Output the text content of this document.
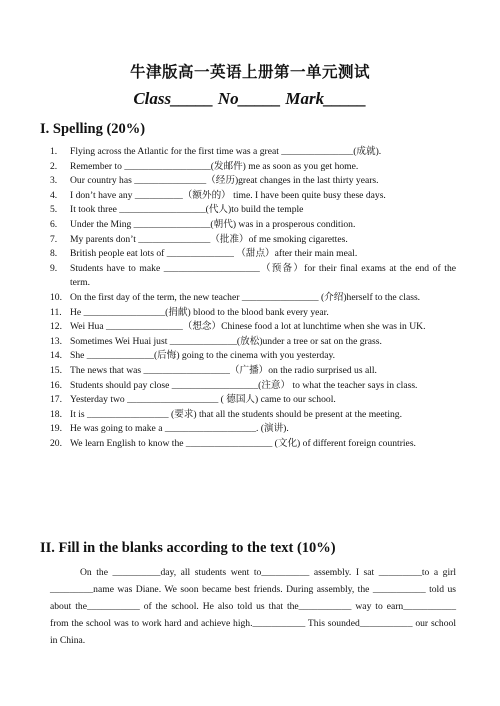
牛津版高一英语上册第一单元测试
Class_____ No_____ Mark_____
I. Spelling (20%)
1. Flying across the Atlantic for the first time was a great _______________(成就).
2. Remember to __________________(发邮件) me as soon as you get home.
3. Our country has _______________（经历)great changes in the last thirty years.
4. I don’t have any __________（额外的） time. I have been quite busy these days.
5. It took three __________________(代人)to build the temple
6. Under the Ming ________________(朝代) was in a prosperous condition.
7. My parents don’t _______________（批准）of me smoking cigarettes.
8. British people eat lots of ______________ （甜点）after their main meal.
9. Students have to make ____________________（预备）for their final exams at the end of the term.
10. On the first day of the term, the new teacher ________________ (介绍)herself to the class.
11. He _________________(捐献) blood to the blood bank every year.
12. Wei Hua ________________（想念）Chinese food a lot at lunchtime when she was in UK.
13. Sometimes Wei Huai just ______________(放松)under a tree or sat on the grass.
14. She ______________(后悔) going to the cinema with you yesterday.
15. The news that was __________________（广播）on the radio surprised us all.
16. Students should pay close __________________(注意） to what the teacher says in class.
17. Yesterday two ___________________ ( 德国人) came to our school.
18. It is _________________ (要求) that all the students should be present at the meeting.
19. He was going to make a ___________________. (演讲).
20. We learn English to know the __________________ (文化) of different foreign countries.
II. Fill in the blanks according to the text (10%)

On the __________day, all students went to__________ assembly. I sat _________to a girl _________name was Diane. We soon became best friends. During assembly, the ___________ told us about the___________ of the school. He also told us that the___________ way to earn___________ from the school was to work hard and achieve high.___________ This sounded___________ our school in China.
